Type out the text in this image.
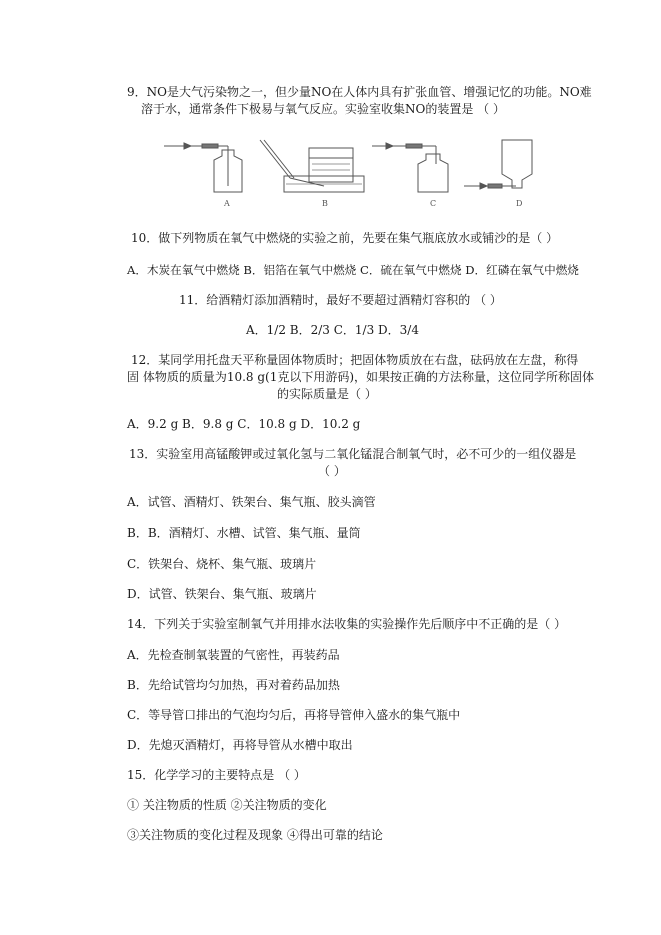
9．NO是大气污染物之一，但少量NO在人体内具有扩张血管、增强记忆的功能。NO难
溶于水，通常条件下极易与氧气反应。实验室收集NO的装置是 （ ）
A	B	C	D
10．做下列物质在氧气中燃烧的实验之前，先要在集气瓶底放水或铺沙的是（ ）
A．木炭在氧气中燃烧 B．铝箔在氧气中燃烧 C．硫在氧气中燃烧 D．红磷在氧气中燃烧
11．给酒精灯添加酒精时，最好不要超过酒精灯容积的 （ ）
A．1/2 B．2/3 C．1/3 D．3/4
12．某同学用托盘天平称量固体物质时；把固体物质放在右盘，砝码放在左盘，称得
固 体物质的质量为10.8 g(1克以下用游码)，如果按正确的方法称量，这位同学所称固体
的实际质量是（ ）
A．9.2 g B．9.8 g C．10.8 g D．10.2 g
13．实验室用高锰酸钾或过氧化氢与二氧化锰混合制氧气时，必不可少的一组仪器是
（ ）
A．试管、酒精灯、铁架台、集气瓶、胶头滴管
B．B．酒精灯、水槽、试管、集气瓶、量筒
C．铁架台、烧杯、集气瓶、玻璃片
D．试管、铁架台、集气瓶、玻璃片
14．下列关于实验室制氧气并用排水法收集的实验操作先后顺序中不正确的是（ ）
A．先检查制氧装置的气密性，再装药品
B．先给试管均匀加热，再对着药品加热
C．等导管口排出的气泡均匀后，再将导管伸入盛水的集气瓶中
D．先熄灭酒精灯，再将导管从水槽中取出
15．化学学习的主要特点是 （ ）
① 关注物质的性质 ②关注物质的变化
③关注物质的变化过程及现象 ④得出可靠的结论
